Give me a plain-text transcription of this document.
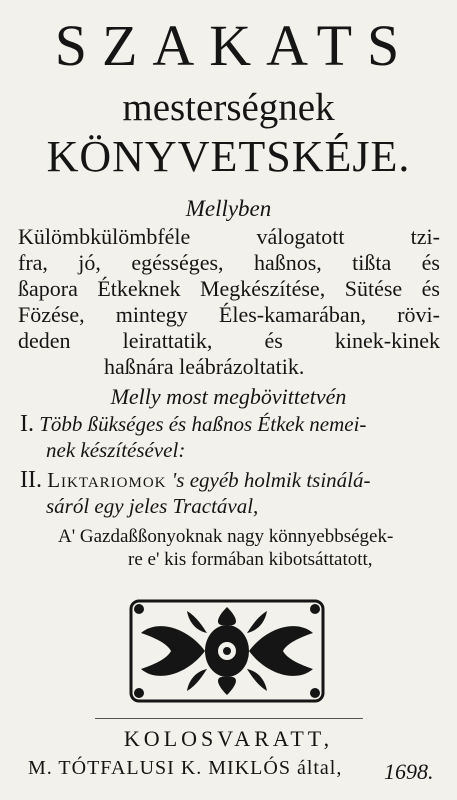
SZAKATS
mesterségnek
KÖNYVETSKÉJE.
Mellyben
Külömbkülömbféle válogatott tzi-
fra, jó, egésséges, haßnos, tißta és
ßapora Étkeknek Megkészítése, Sütése és
Fözése, mintegy Éles-kamarában, rövi-
deden leirattatik, és kinek-kinek
haßnára leábrázoltatik.
Melly most megbövittetvén
I. Több ßükséges és haßnos Étkek nemei-
nek készítésével:
II. Liktariomok 's egyéb holmik tsinálá-
sáról egy jeles Tractával,
A' Gazdaßßonyoknak nagy könnyebbségek-
re e' kis formában kibotsáttatott,
KOLOSVARATT,
M. TÓTFALUSI K. MIKLÓS által, 1698.
